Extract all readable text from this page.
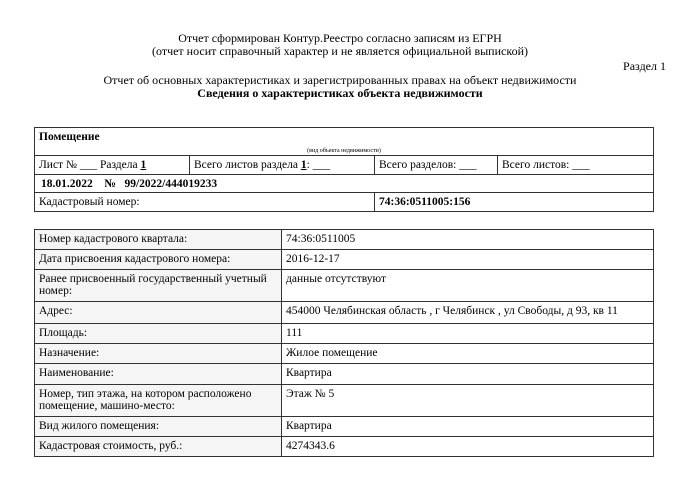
Отчет сформирован Контур.Реестро согласно записям из ЕГРН
(отчет носит справочный характер и не является официальной выпиской)
Раздел 1
Отчет об основных характеристиках и зарегистрированных правах на объект недвижимости
Сведения о характеристиках объекта недвижимости
Помещение			
(вид объекта недвижимости)			
Лист № ___ Раздела 1	Всего листов раздела 1: ___	Всего разделов: ___	Всего листов: ___
18.01.2022 № 99/2022/444019233			
Кадастровый номер:		74:36:0511005:156	
Номер кадастрового квартала:	74:36:0511005
Дата присвоения кадастрового номера:	2016-12-17
Ранее присвоенный государственный учетный номер:	данные отсутствуют
Адрес:	454000 Челябинская область , г Челябинск , ул Свободы, д 93, кв 11
Площадь:	111
Назначение:	Жилое помещение
Наименование:	Квартира
Номер, тип этажа, на котором расположено помещение, машино-место:	Этаж № 5
Вид жилого помещения:	Квартира
Кадастровая стоимость, руб.:	4274343.6
